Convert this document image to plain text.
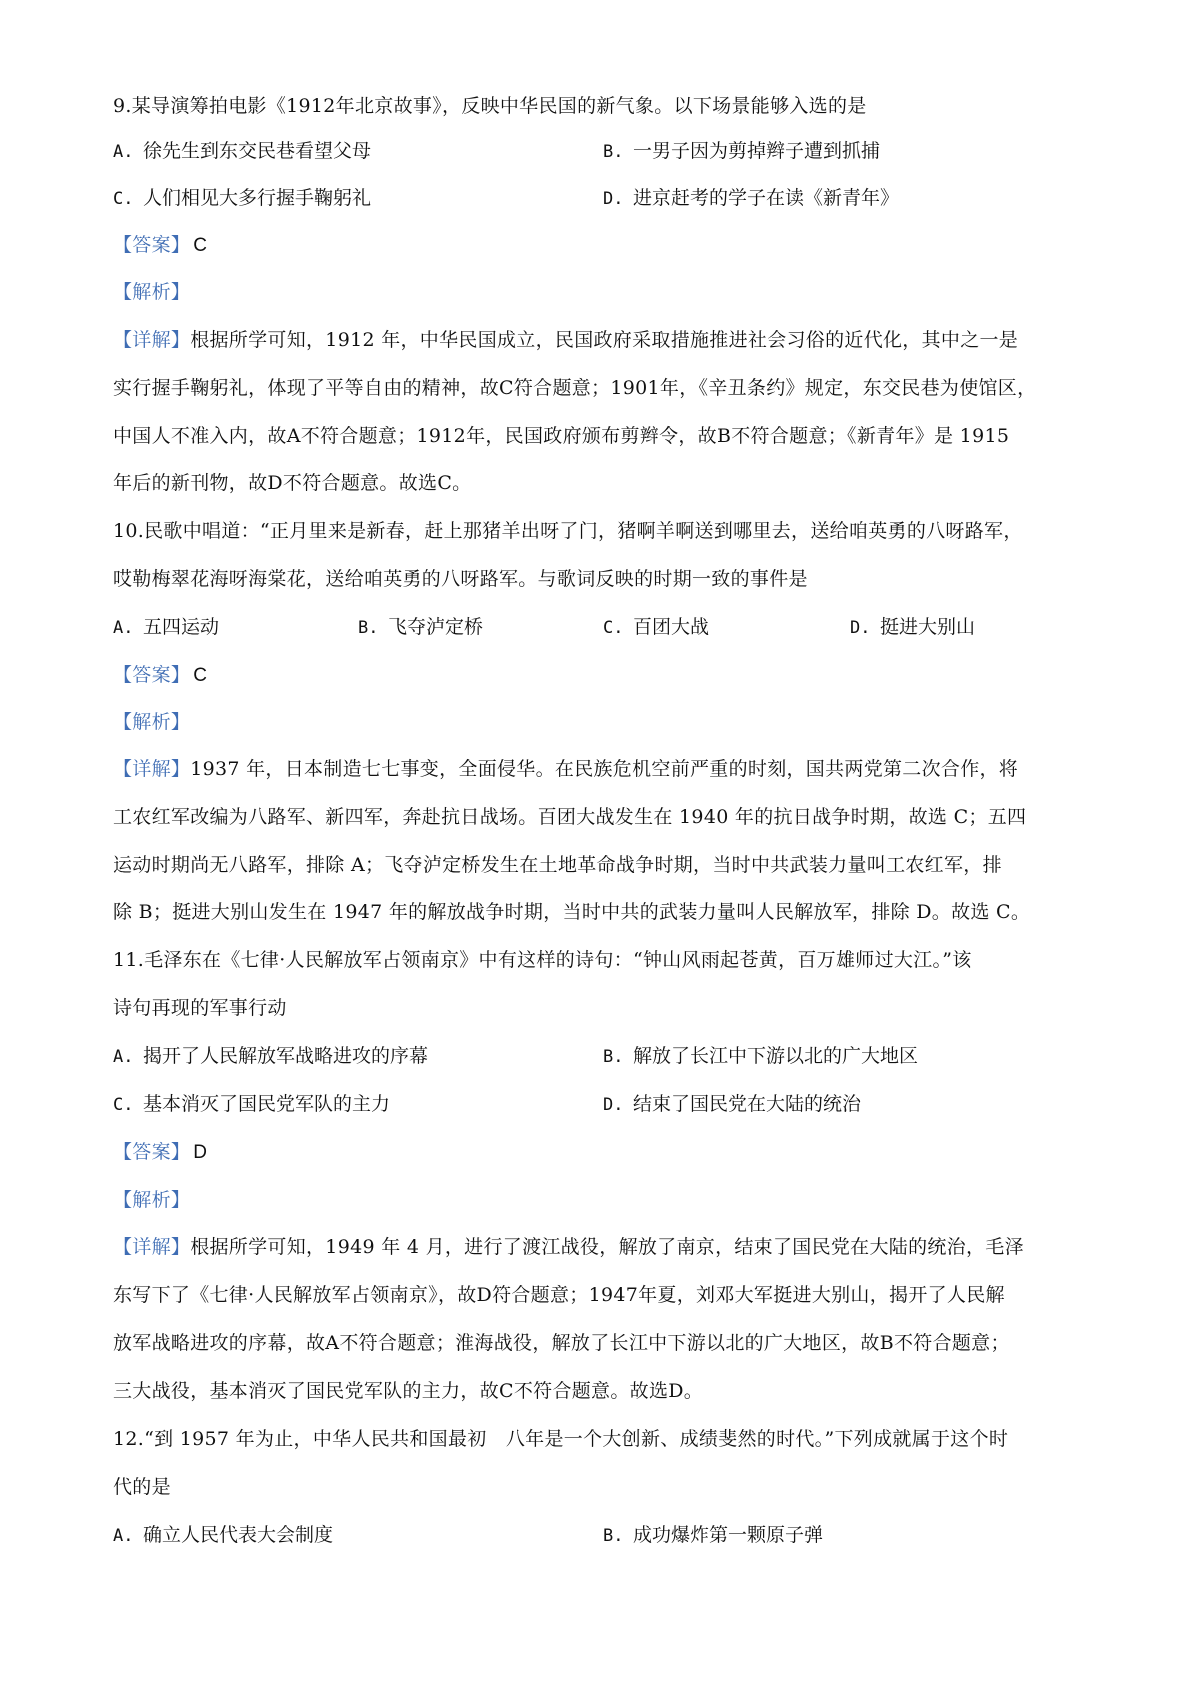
9.某导演筹拍电影《1912年北京故事》，反映中华民国的新气象。以下场景能够入选的是
A. 徐先生到东交民巷看望父母	B. 一男子因为剪掉辫子遭到抓捕
C. 人们相见大多行握手鞠躬礼	D. 进京赶考的学子在读《新青年》
【答案】 C
【解析】
【详解】根据所学可知，1912 年，中华民国成立，民国政府采取措施推进社会习俗的近代化，其中之一是
实行握手鞠躬礼，体现了平等自由的精神，故C符合题意；1901年，《辛丑条约》规定，东交民巷为使馆区，
中国人不准入内，故A不符合题意；1912年，民国政府颁布剪辫令，故B不符合题意；《新青年》是 1915
年后的新刊物，故D不符合题意。故选C。
10.民歌中唱道：“正月里来是新春，赶上那猪羊出呀了门，猪啊羊啊送到哪里去，送给咱英勇的八呀路军，
哎勒梅翠花海呀海棠花，送给咱英勇的八呀路军。与歌词反映的时期一致的事件是
A. 五四运动	B. 飞夺泸定桥	C. 百团大战	D. 挺进大别山
【答案】 C
【解析】
【详解】1937 年，日本制造七七事变，全面侵华。在民族危机空前严重的时刻，国共两党第二次合作，将
工农红军改编为八路军、新四军，奔赴抗日战场。百团大战发生在 1940 年的抗日战争时期，故选 C；五四
运动时期尚无八路军，排除 A；飞夺泸定桥发生在土地革命战争时期，当时中共武装力量叫工农红军，排
除 B；挺进大别山发生在 1947 年的解放战争时期，当时中共的武装力量叫人民解放军，排除 D。故选 C。
11.毛泽东在《七律·人民解放军占领南京》中有这样的诗句：“钟山风雨起苍黄，百万雄师过大江。”该
诗句再现的军事行动
A. 揭开了人民解放军战略进攻的序幕	B. 解放了长江中下游以北的广大地区
C. 基本消灭了国民党军队的主力	D. 结束了国民党在大陆的统治
【答案】 D
【解析】
【详解】根据所学可知，1949 年 4 月，进行了渡江战役，解放了南京，结束了国民党在大陆的统治，毛泽
东写下了《七律·人民解放军占领南京》，故D符合题意；1947年夏，刘邓大军挺进大别山，揭开了人民解
放军战略进攻的序幕，故A不符合题意；淮海战役，解放了长江中下游以北的广大地区，故B不符合题意；
三大战役，基本消灭了国民党军队的主力，故C不符合题意。故选D。
12.“到 1957 年为止，中华人民共和国最初　八年是一个大创新、成绩斐然的时代。”下列成就属于这个时
代的是
A. 确立人民代表大会制度	B. 成功爆炸第一颗原子弹
